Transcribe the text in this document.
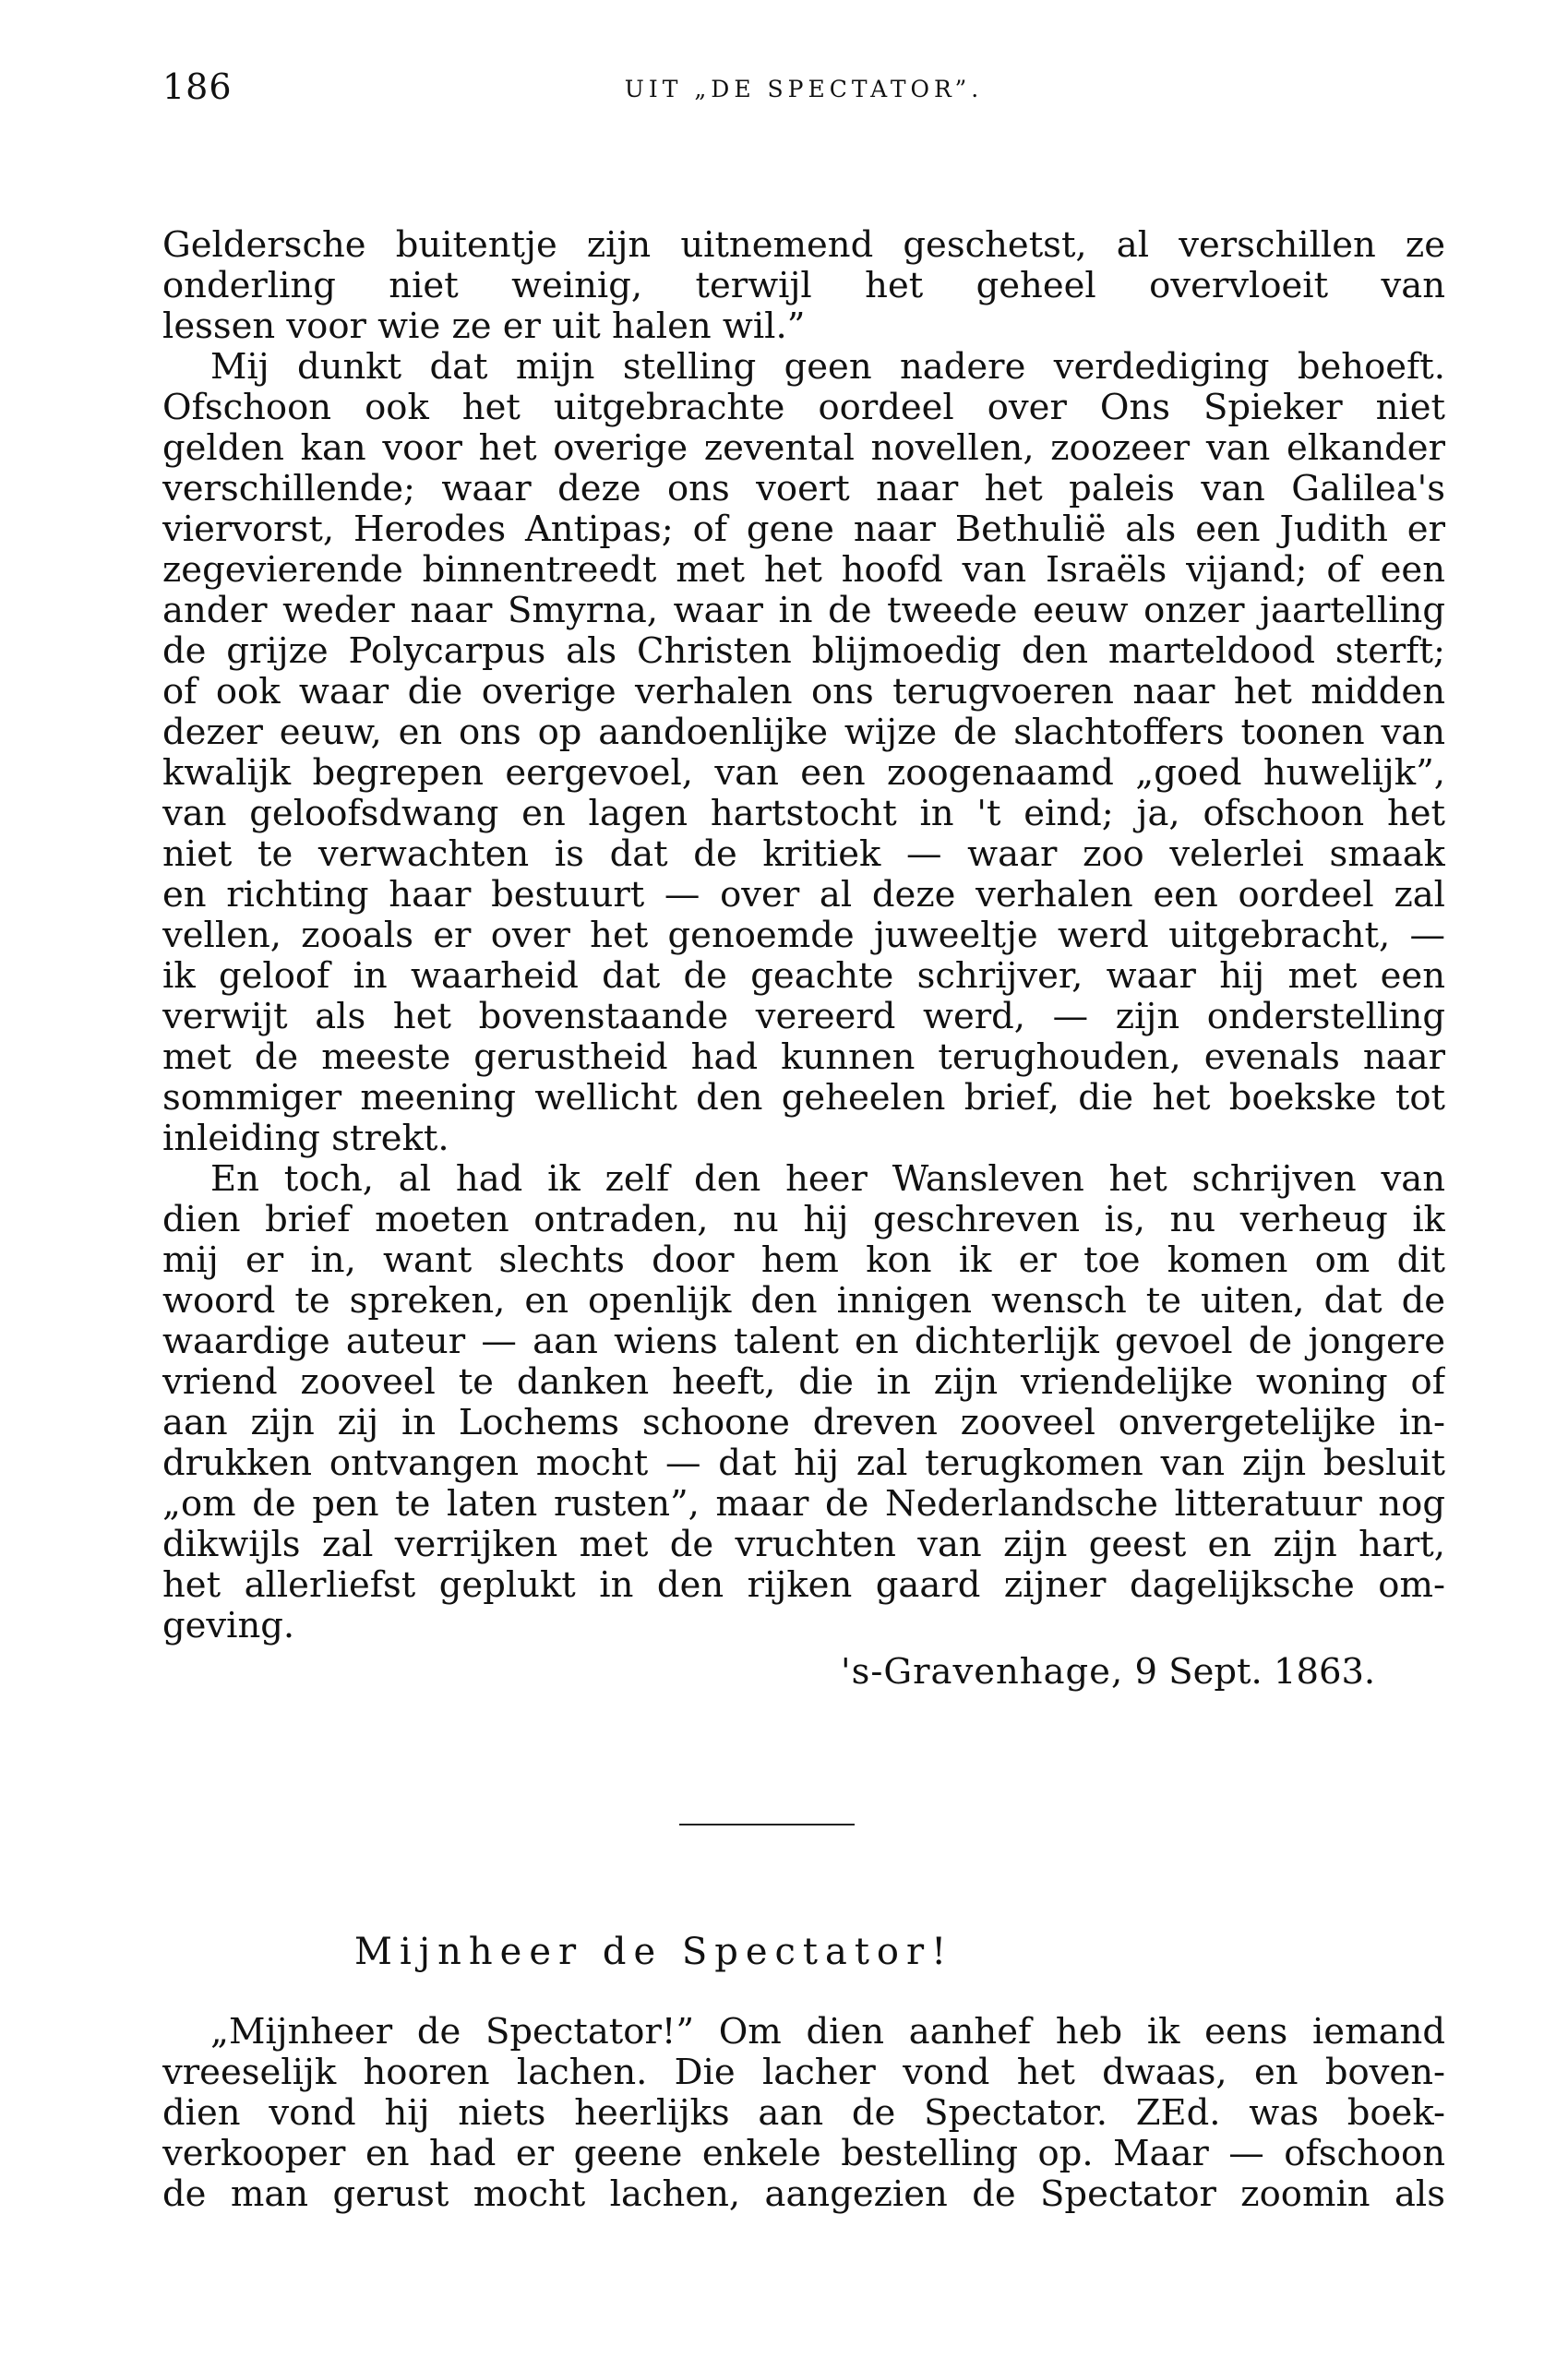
186	UIT „DE SPECTATOR”.
Geldersche buitentje zijn uitnemend geschetst, al verschillen ze
onderling niet weinig, terwijl het geheel overvloeit van
lessen voor wie ze er uit halen wil.”
Mij dunkt dat mijn stelling geen nadere verdediging behoeft.
Ofschoon ook het uitgebrachte oordeel over Ons Spieker niet
gelden kan voor het overige zevental novellen, zoozeer van elkander
verschillende; waar deze ons voert naar het paleis van Galilea's
viervorst, Herodes Antipas; of gene naar Bethulië als een Judith er
zegevierende binnentreedt met het hoofd van Israëls vijand; of een
ander weder naar Smyrna, waar in de tweede eeuw onzer jaartelling
de grijze Polycarpus als Christen blijmoedig den marteldood sterft;
of ook waar die overige verhalen ons terugvoeren naar het midden
dezer eeuw, en ons op aandoenlijke wijze de slachtoffers toonen van
kwalijk begrepen eergevoel, van een zoogenaamd „goed huwelijk”,
van geloofsdwang en lagen hartstocht in 't eind; ja, ofschoon het
niet te verwachten is dat de kritiek — waar zoo velerlei smaak
en richting haar bestuurt — over al deze verhalen een oordeel zal
vellen, zooals er over het genoemde juweeltje werd uitgebracht, —
ik geloof in waarheid dat de geachte schrijver, waar hij met een
verwijt als het bovenstaande vereerd werd, — zijn onderstelling
met de meeste gerustheid had kunnen terughouden, evenals naar
sommiger meening wellicht den geheelen brief, die het boekske tot
inleiding strekt.
En toch, al had ik zelf den heer Wansleven het schrijven van
dien brief moeten ontraden, nu hij geschreven is, nu verheug ik
mij er in, want slechts door hem kon ik er toe komen om dit
woord te spreken, en openlijk den innigen wensch te uiten, dat de
waardige auteur — aan wiens talent en dichterlijk gevoel de jongere
vriend zooveel te danken heeft, die in zijn vriendelijke woning of
aan zijn zij in Lochems schoone dreven zooveel onvergetelijke in-
drukken ontvangen mocht — dat hij zal terugkomen van zijn besluit
„om de pen te laten rusten”, maar de Nederlandsche litteratuur nog
dikwijls zal verrijken met de vruchten van zijn geest en zijn hart,
het allerliefst geplukt in den rijken gaard zijner dagelijksche om-
geving.
's-Gravenhage, 9 Sept. 1863.
Mijnheer de Spectator!
„Mijnheer de Spectator!” Om dien aanhef heb ik eens iemand
vreeselijk hooren lachen. Die lacher vond het dwaas, en boven-
dien vond hij niets heerlijks aan de Spectator. ZEd. was boek-
verkooper en had er geene enkele bestelling op. Maar — ofschoon
de man gerust mocht lachen, aangezien de Spectator zoomin als
